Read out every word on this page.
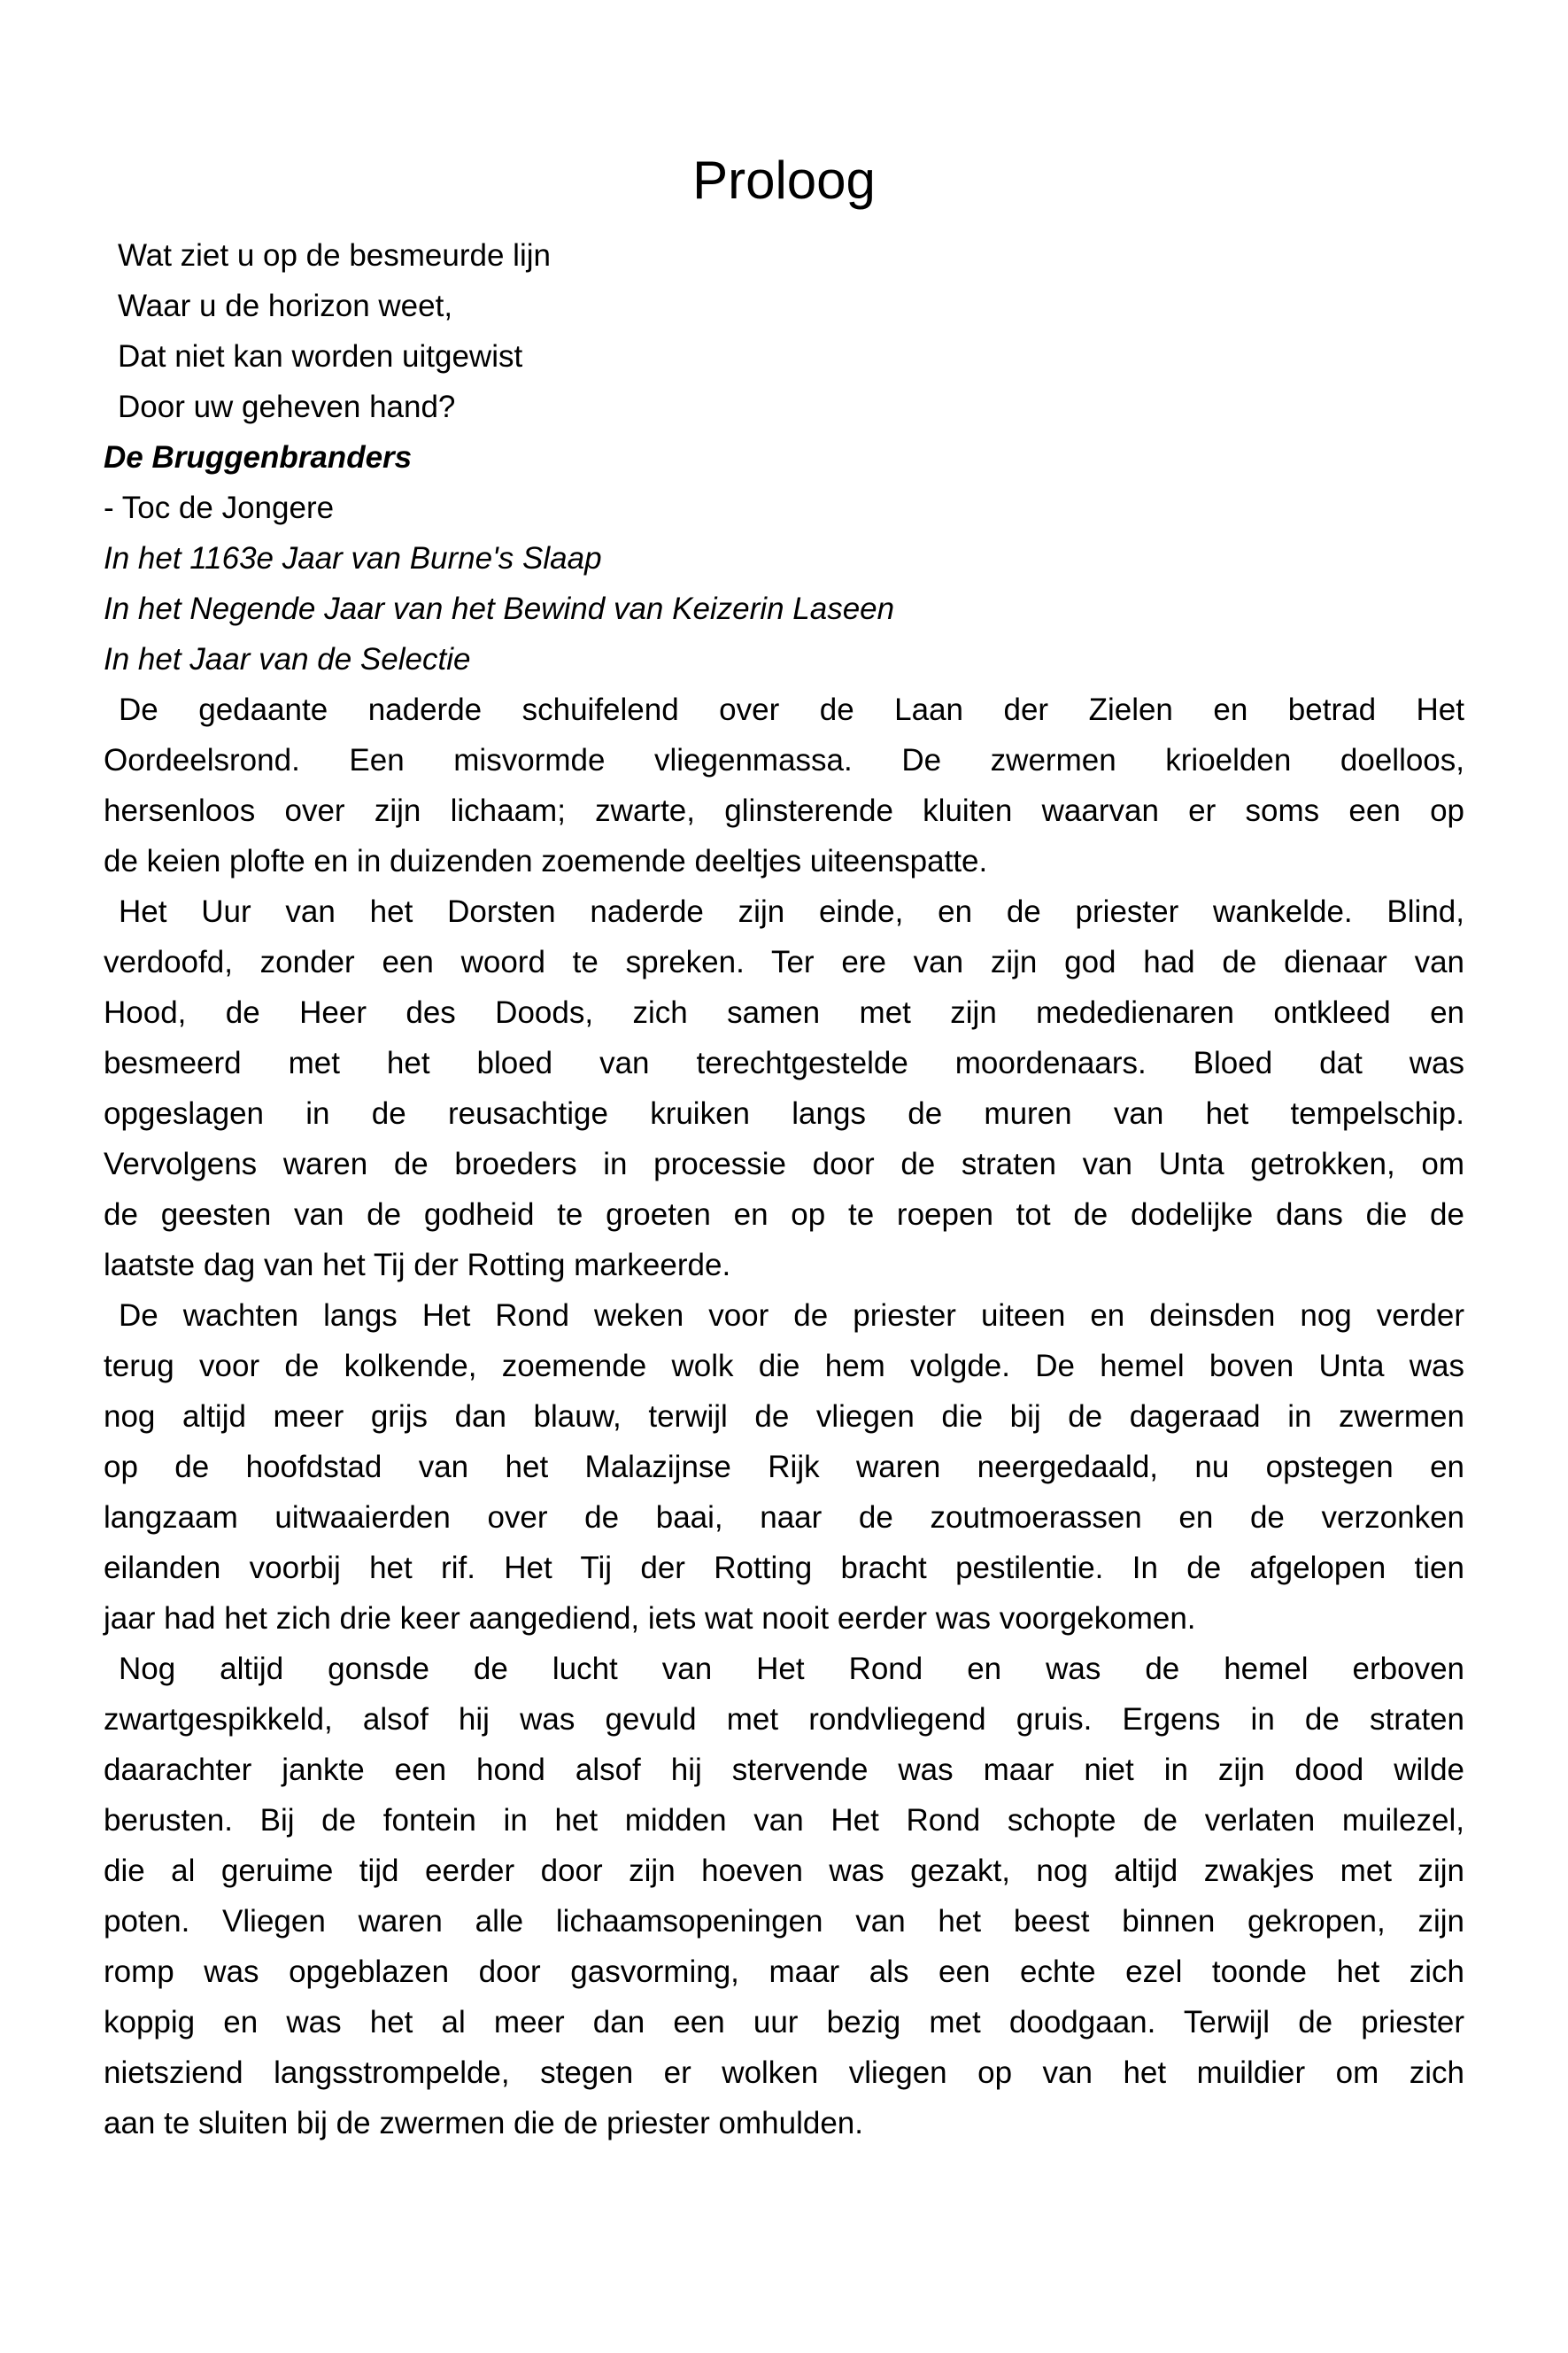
Proloog
Wat ziet u op de besmeurde lijn
Waar u de horizon weet,
Dat niet kan worden uitgewist
Door uw geheven hand?
De Bruggenbranders
- Toc de Jongere
In het 1163e Jaar van Burne's Slaap
In het Negende Jaar van het Bewind van Keizerin Laseen
In het Jaar van de Selectie
De gedaante naderde schuifelend over de Laan der Zielen en betrad Het
Oordeelsrond. Een misvormde vliegenmassa. De zwermen krioelden doelloos,
hersenloos over zijn lichaam; zwarte, glinsterende kluiten waarvan er soms een op
de keien plofte en in duizenden zoemende deeltjes uiteenspatte.
Het Uur van het Dorsten naderde zijn einde, en de priester wankelde. Blind,
verdoofd, zonder een woord te spreken. Ter ere van zijn god had de dienaar van
Hood, de Heer des Doods, zich samen met zijn mededienaren ontkleed en
besmeerd met het bloed van terechtgestelde moordenaars. Bloed dat was
opgeslagen in de reusachtige kruiken langs de muren van het tempelschip.
Vervolgens waren de broeders in processie door de straten van Unta getrokken, om
de geesten van de godheid te groeten en op te roepen tot de dodelijke dans die de
laatste dag van het Tij der Rotting markeerde.
De wachten langs Het Rond weken voor de priester uiteen en deinsden nog verder
terug voor de kolkende, zoemende wolk die hem volgde. De hemel boven Unta was
nog altijd meer grijs dan blauw, terwijl de vliegen die bij de dageraad in zwermen
op de hoofdstad van het Malazijnse Rijk waren neergedaald, nu opstegen en
langzaam uitwaaierden over de baai, naar de zoutmoerassen en de verzonken
eilanden voorbij het rif. Het Tij der Rotting bracht pestilentie. In de afgelopen tien
jaar had het zich drie keer aangediend, iets wat nooit eerder was voorgekomen.
Nog altijd gonsde de lucht van Het Rond en was de hemel erboven
zwartgespikkeld, alsof hij was gevuld met rondvliegend gruis. Ergens in de straten
daarachter jankte een hond alsof hij stervende was maar niet in zijn dood wilde
berusten. Bij de fontein in het midden van Het Rond schopte de verlaten muilezel,
die al geruime tijd eerder door zijn hoeven was gezakt, nog altijd zwakjes met zijn
poten. Vliegen waren alle lichaamsopeningen van het beest binnen gekropen, zijn
romp was opgeblazen door gasvorming, maar als een echte ezel toonde het zich
koppig en was het al meer dan een uur bezig met doodgaan. Terwijl de priester
nietsziend langsstrompelde, stegen er wolken vliegen op van het muildier om zich
aan te sluiten bij de zwermen die de priester omhulden.
